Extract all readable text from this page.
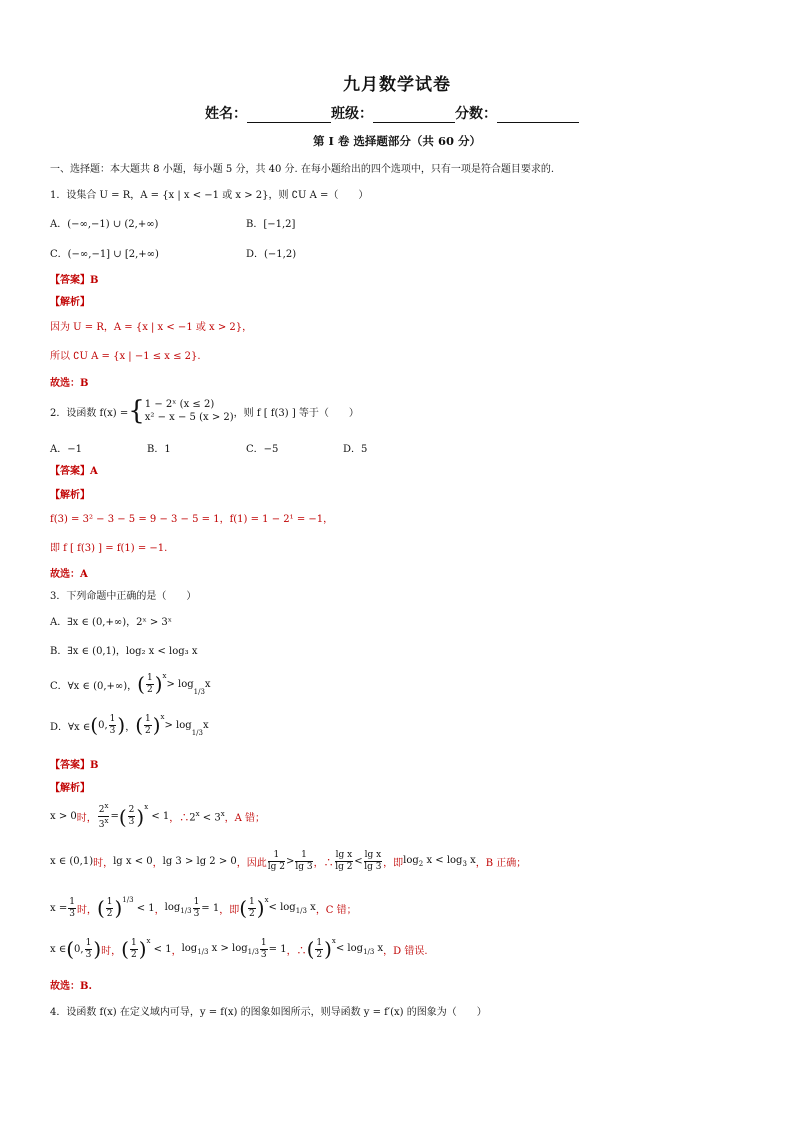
九月数学试卷
姓名：	班级：	分数：
第 I 卷 选择题部分（共 60 分）
一、选择题：本大题共 8 小题，每小题 5 分，共 40 分. 在每小题给出的四个选项中，只有一项是符合题目要求的.
1．设集合 U = R，A = {x | x < −1 或 x > 2}，则 ∁U A =（　　）
A．(−∞,−1) ∪ (2,+∞)	B．[−1,2]
C．(−∞,−1] ∪ [2,+∞)	D．(−1,2)
【答案】B
【解析】
因为 U = R，A = {x | x < −1 或 x > 2}，
所以 ∁U A = {x | −1 ≤ x ≤ 2}.
故选：B
2．设函数 f(x) = { 1 − 2ˣ (x ≤ 2)
x² − x − 5 (x > 2) ，则 f [ f(3) ] 等于（　　）
A．−1	B．1	C．−5	D．5
【答案】A
【解析】
f(3) = 3² − 3 − 5 = 9 − 3 − 5 = 1，f(1) = 1 − 2¹ = −1，
即 f [ f(3) ] = f(1) = −1.
故选：A
3．下列命题中正确的是（　　）
A．∃x ∈ (0,+∞)，2ˣ > 3ˣ
B．∃x ∈ (0,1)，log₂ x < log₃ x
C．∀x ∈ (0,+∞)， ( $\frac{1}{2} )^x$
> log
$_{1/3}$
x
D．∀x ∈ ( 0, $\frac{1}{3}$ ) ， ( $\frac{1}{2} )^x$
> log
$_{1/3}$
x
【答案】B
【解析】
x > 0 时， $\frac{2^x}{3^x}$ = ( $\frac{2}{3} )^x$
< 1 ，∴ $2^x < 3^x$ ，A 错；
x ∈ (0,1) 时， lg x < 0 ， lg 3 > lg 2 > 0 ，因此 $\frac{1}{\lg 2} > \frac{1}{\lg 3}$ ，∴ $\frac{\text{lg x}}{\lg 2} < \frac{\text{lg x}}{\lg 3}$ ，即 $\log_2 x < \log_3 x$ ，B 正确；
$x = \frac{1}{3}$ 时， ( $\frac{1}{2} )^{1/3}$
< 1 ， $\log_{1/3} \frac{1}{3} = 1$ ，即 ( $\frac{1}{2} )^x$
< $\log_{1/3} x$ ，C 错；
x ∈ ( 0, $\frac{1}{3}$ ) 时， ( $\frac{1}{2} )^x$
< 1 ， $\log_{1/3} x > \log_{1/3} \frac{1}{3} = 1$ ，∴ ( $\frac{1}{2} )^x$
< $\log_{1/3} x$ ，D 错误.
故选：B.
4．设函数 f(x) 在定义域内可导，y = f(x) 的图象如图所示，则导函数 y = f′(x) 的图象为（　　）
